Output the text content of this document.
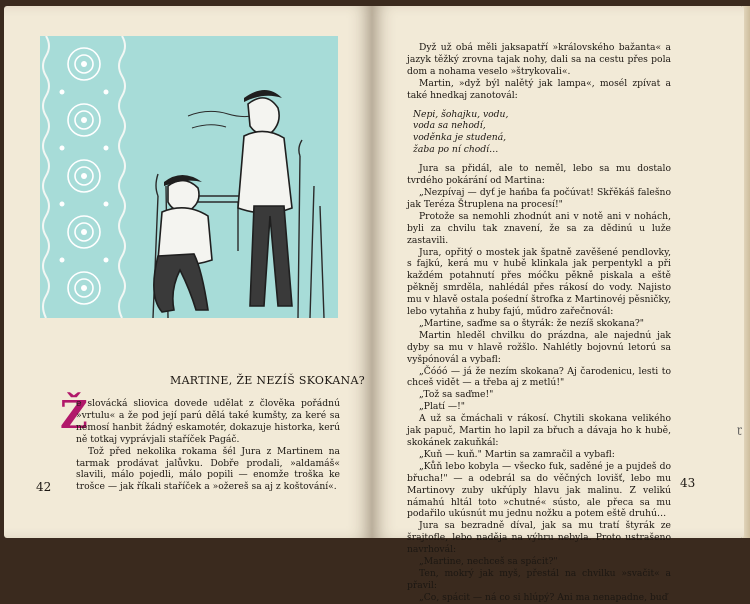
MARTINE, ŽE NEZÍŠ SKOKANA?
Ž

e slovácká sliovica dovede udělat z člověka pořádnú »vrtulu« a že pod její parú dělá také kumšty, za keré sa nemosí hanbit žádný eskamotér, dokazuje historka, kerú ně totkaj vyprávjali staříček Pagáč.

Tož před nekolika rokama šél Jura z Martinem na tarmak prodávat jalůvku. Dobře prodali, »aldamáš« slavili, málo pojedli, málo popili — enomže troška ke trošce — jak říkali staříček a »ožereš sa aj z koštování«.

42

Dyž už obá měli jaksapatří »královského bažanta« a jazyk těžký zrovna tajak nohy, dali sa na cestu přes pola dom a nohama veselo »štrykovali«.

Martin, »dyž býl nalětý jak lampa«, mosél zpívat a také hnedkaj zanotovál:

Nepi, šohajku, vodu,
voda sa nehodí,
voděnka je studená,
žaba po ní chodí…

Jura sa přidál, ale to neměl, lebo sa mu dostalo tvrdého pokárání od Martina:

„Nezpívaj — dyť je hańba ťa počúvat! Skřěkáš falešno jak Teréza Štruplena na procesí!"

Protože sa nemohli zhodnút ani v notě ani v nohách, byli za chvilu tak znavení, že sa za dědinú u luže zastavili.

Jura, opřitý o mostek jak špatně zavěšené pendlovky, s fajkú, kerá mu v hubě klinkala jak perpentykl a při každém potahnutí přes móčku pěkně piskala a eště pěkněj smrděla, nahlédál přes rákosí do vody. Najisto mu v hlavě ostala pośední štrofka z Martinovéj pěsničky, lebo vytahňa z huby fajú, műdro zařečnovál:

„Martine, saďme sa o štyrák: že nezíš skokana?"

Martin hleděl chvilku do prázdna, ale najednú jak dyby sa mu v hlavě rožšlo. Nahlétly bojovnú letorú sa vyšpónovál a vybafl:

„Čóóó — já že nezím skokana? Aj čarodenicu, lesti to chceš vidět — a třeba aj z metlú!"

„Tož sa saďme!"

„Platí —!"

A už sa čmáchali v rákosí. Chytili skokana velikého jak papuč, Martin ho lapil za břuch a dávaja ho k hubě, skokánek zakuňkál:

„Kuň — kuň." Martin sa zamračil a vybafl:

„Kůň lebo kobyla — všecko fuk, saděné je a pujdeš do břucha!" — a odebrál sa do věčných lovišť, lebo mu Martinovy zuby ukřúply hlavu jak malinu. Z velikú námahú hltál toto »chutné« sústo, ale přeca sa mu podařilo ukúsnút mu jednu nožku a potem eště druhú…

Jura sa bezradně díval, jak sa mu tratí štyrák ze šrajtofle, lebo naděja na výhru nebyla. Proto ustrašeno navrhovál:

„Martine, nechceš sa spácit?"

Ten, mokrý jak myš, přestál na chvilku »svačit« a přavil:

„Co, spácit — ná co si hlúpý? Ani ma nenapadne, buď

43
ɽ
